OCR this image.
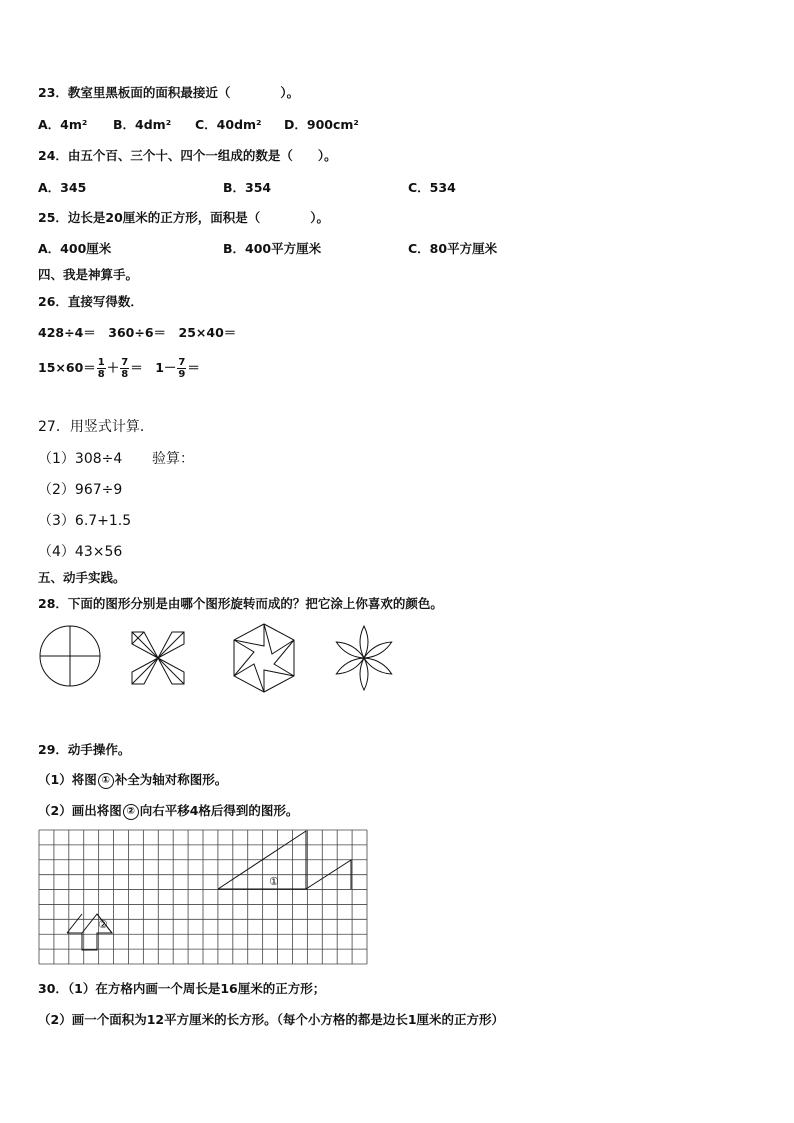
23．教室里黑板面的面积最接近（　　　　）。
A．4m² B．4dm² C．40dm² D．900cm²
24．由五个百、三个十、四个一组成的数是（　　）。
A．345	B．354	C．534
25．边长是20厘米的正方形，面积是（　　　　）。
A．400厘米	B．400平方厘米	C．80平方厘米
四、我是神算手。
26．直接写得数．
428÷4＝　360÷6＝　25×40＝
$15\times 60= \frac{1}{8} + \frac{7}{8}$ ＝　$1- \frac{7}{9}$ ＝
27．用竖式计算．
（1）308÷4 验算：
（2）967÷9
（3）6.7+1.5
（4）43×56
五、动手实践。
28．下面的图形分别是由哪个图形旋转而成的？把它涂上你喜欢的颜色。
29．动手操作。
（1）将图 ① 补全为轴对称图形。
（2）画出将图 ② 向右平移4格后得到的图形。
①
②
30．（1）在方格内画一个周长是16厘米的正方形；
（2）画一个面积为12平方厘米的长方形。（每个小方格的都是边长1厘米的正方形）
